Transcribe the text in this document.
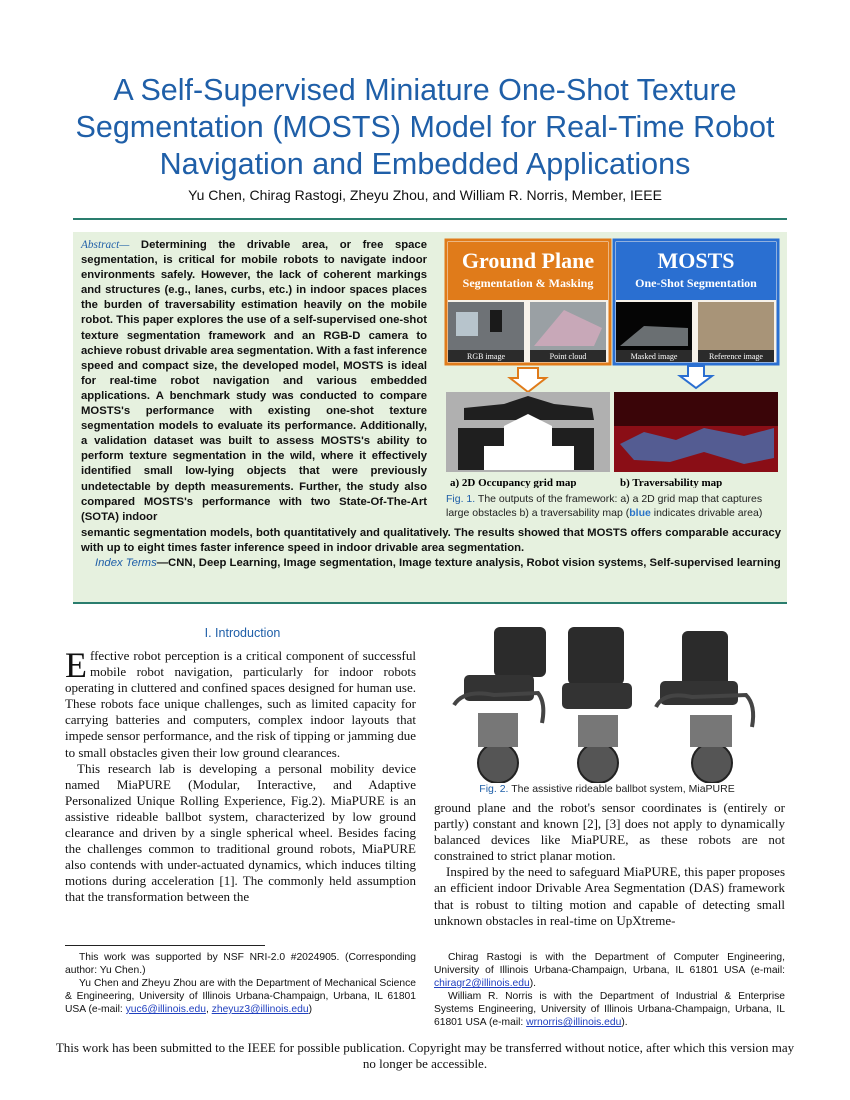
A Self-Supervised Miniature One-Shot Texture Segmentation (MOSTS) Model for Real-Time Robot Navigation and Embedded Applications
Yu Chen, Chirag Rastogi, Zheyu Zhou, and William R. Norris, Member, IEEE
Abstract— Determining the drivable area, or free space segmentation, is critical for mobile robots to navigate indoor environments safely. However, the lack of coherent markings and structures (e.g., lanes, curbs, etc.) in indoor spaces places the burden of traversability estimation heavily on the mobile robot. This paper explores the use of a self-supervised one-shot texture segmentation framework and an RGB-D camera to achieve robust drivable area segmentation. With a fast inference speed and compact size, the developed model, MOSTS is ideal for real-time robot navigation and various embedded applications. A benchmark study was conducted to compare MOSTS's performance with existing one-shot texture segmentation models to evaluate its performance. Additionally, a validation dataset was built to assess MOSTS's ability to perform texture segmentation in the wild, where it effectively identified small low-lying objects that were previously undetectable by depth measurements. Further, the study also compared MOSTS's performance with two State-Of-The-Art (SOTA) indoor
semantic segmentation models, both quantitatively and qualitatively. The results showed that MOSTS offers comparable accuracy with up to eight times faster inference speed in indoor drivable area segmentation.
Index Terms—CNN, Deep Learning, Image segmentation, Image texture analysis, Robot vision systems, Self-supervised learning
Ground Plane
Segmentation & Masking
RGB image	Point cloud
MOSTS
One-Shot Segmentation
Masked image	Reference image
a) 2D Occupancy grid map	b) Traversability map
Fig. 1. The outputs of the framework: a) a 2D grid map that captures large obstacles b) a traversability map (blue indicates drivable area)
I. Introduction

Effective robot perception is a critical component of successful mobile robot navigation, particularly for indoor robots operating in cluttered and confined spaces designed for human use. These robots face unique challenges, such as limited capacity for carrying batteries and computers, complex indoor layouts that impede sensor performance, and the risk of tipping or jamming due to small obstacles given their low ground clearances.

This research lab is developing a personal mobility device named MiaPURE (Modular, Interactive, and Adaptive Personalized Unique Rolling Experience, Fig.2). MiaPURE is an assistive rideable ballbot system, characterized by low ground clearance and driven by a single spherical wheel. Besides facing the challenges common to traditional ground robots, MiaPURE also contends with under-actuated dynamics, which induces tilting motions during acceleration [1]. The commonly held assumption that the transformation between the

Fig. 2. The assistive rideable ballbot system, MiaPURE

ground plane and the robot's sensor coordinates is (entirely or partly) constant and known [2], [3] does not apply to dynamically balanced devices like MiaPURE, as these robots are not constrained to strict planar motion.

Inspired by the need to safeguard MiaPURE, this paper proposes an efficient indoor Drivable Area Segmentation (DAS) framework that is robust to tilting motion and capable of detecting small unknown obstacles in real-time on UpXtreme-

This work was supported by NSF NRI-2.0 #2024905. (Corresponding author: Yu Chen.)

Yu Chen and Zheyu Zhou are with the Department of Mechanical Science & Engineering, University of Illinois Urbana-Champaign, Urbana, IL 61801 USA (e-mail: yuc6@illinois.edu, zheyuz3@illinois.edu)

Chirag Rastogi is with the Department of Computer Engineering, University of Illinois Urbana-Champaign, Urbana, IL 61801 USA (e-mail: chiragr2@illinois.edu).

William R. Norris is with the Department of Industrial & Enterprise Systems Engineering, University of Illinois Urbana-Champaign, Urbana, IL 61801 USA (e-mail: wrnorris@illinois.edu).

This work has been submitted to the IEEE for possible publication. Copyright may be transferred without notice, after which this version may no longer be accessible.
